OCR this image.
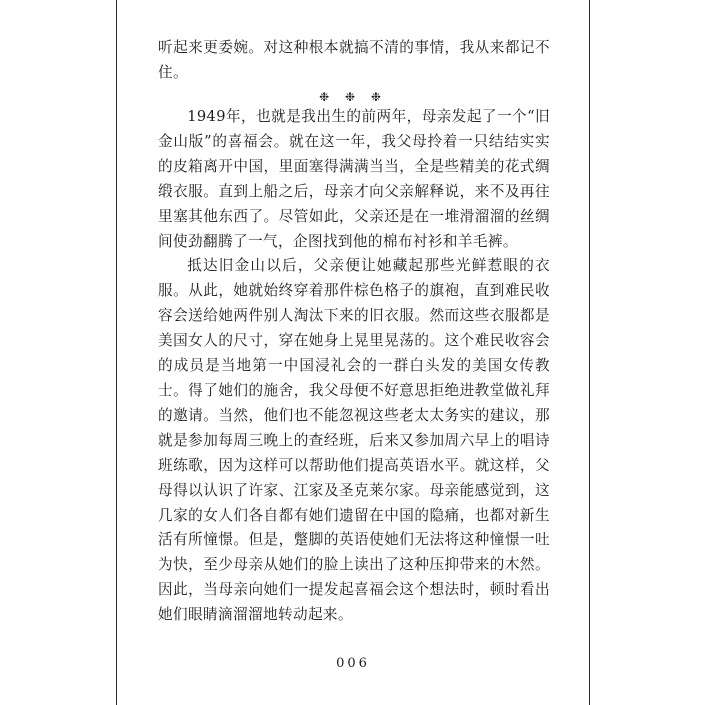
听起来更委婉。对这种根本就搞不清的事情，我从来都记不住。

❉ ❉ ❉

1949年，也就是我出生的前两年，母亲发起了一个“旧金山版”的喜福会。就在这一年，我父母拎着一只结结实实的皮箱离开中国，里面塞得满满当当，全是些精美的花式绸缎衣服。直到上船之后，母亲才向父亲解释说，来不及再往里塞其他东西了。尽管如此，父亲还是在一堆滑溜溜的丝绸间使劲翻腾了一气，企图找到他的棉布衬衫和羊毛裤。

抵达旧金山以后，父亲便让她藏起那些光鲜惹眼的衣服。从此，她就始终穿着那件棕色格子的旗袍，直到难民收容会送给她两件别人淘汰下来的旧衣服。然而这些衣服都是美国女人的尺寸，穿在她身上晃里晃荡的。这个难民收容会的成员是当地第一中国浸礼会的一群白头发的美国女传教士。得了她们的施舍，我父母便不好意思拒绝进教堂做礼拜的邀请。当然，他们也不能忽视这些老太太务实的建议，那就是参加每周三晚上的查经班，后来又参加周六早上的唱诗班练歌，因为这样可以帮助他们提高英语水平。就这样，父母得以认识了许家、江家及圣克莱尔家。母亲能感觉到，这几家的女人们各自都有她们遗留在中国的隐痛，也都对新生活有所憧憬。但是，蹩脚的英语使她们无法将这种憧憬一吐为快，至少母亲从她们的脸上读出了这种压抑带来的木然。因此，当母亲向她们一提发起喜福会这个想法时，顿时看出她们眼睛滴溜溜地转动起来。

006
